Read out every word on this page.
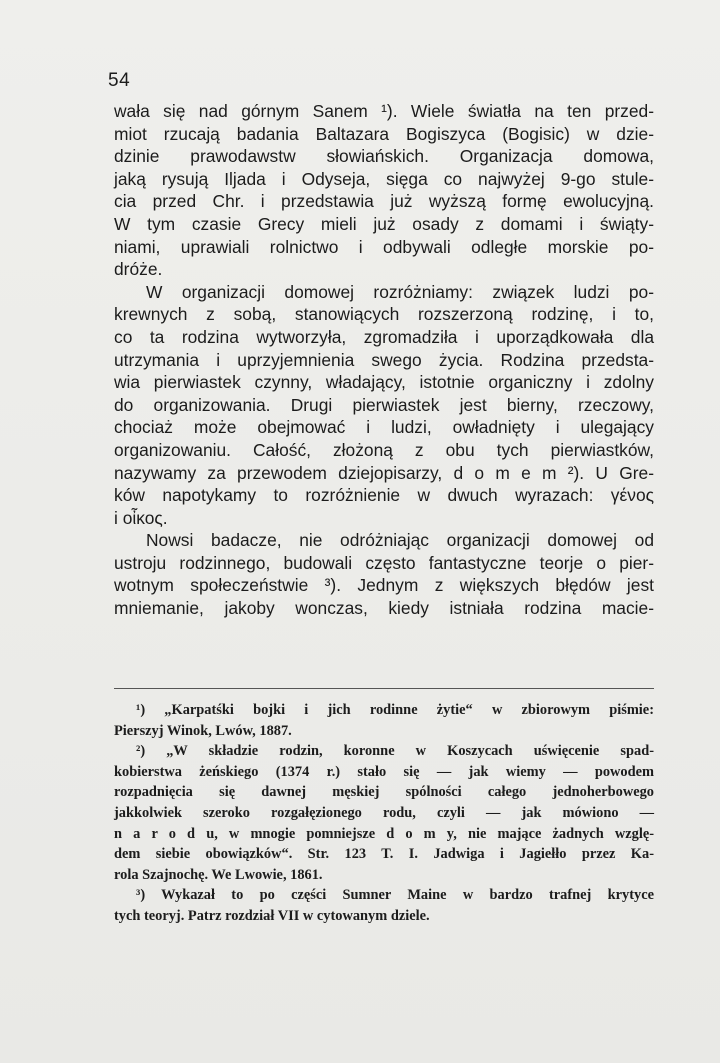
54
wała się nad górnym Sanem ¹). Wiele światła na ten przed-
miot rzucają badania Baltazara Bogiszyca (Bogisic) w dzie-
dzinie prawodawstw słowiańskich. Organizacja domowa,
jaką rysują Iljada i Odyseja, sięga co najwyżej 9-go stule-
cia przed Chr. i przedstawia już wyższą formę ewolucyjną.
W tym czasie Grecy mieli już osady z domami i świąty-
niami, uprawiali rolnictwo i odbywali odległe morskie po-
dróże.
W organizacji domowej rozróżniamy: związek ludzi po-
krewnych z sobą, stanowiących rozszerzoną rodzinę, i to,
co ta rodzina wytworzyła, zgromadziła i uporządkowała dla
utrzymania i uprzyjemnienia swego życia. Rodzina przedsta-
wia pierwiastek czynny, władający, istotnie organiczny i zdolny
do organizowania. Drugi pierwiastek jest bierny, rzeczowy,
chociaż może obejmować i ludzi, owładnięty i ulegający
organizowaniu. Całość, złożoną z obu tych pierwiastków,
nazywamy za przewodem dziejopisarzy, d o m e m ²). U Gre-
ków napotykamy to rozróżnienie w dwuch wyrazach: γένος
i οἶκος.
Nowsi badacze, nie odróżniając organizacji domowej od
ustroju rodzinnego, budowali często fantastyczne teorje o pier-
wotnym społeczeństwie ³). Jednym z większych błędów jest
mniemanie, jakoby wonczas, kiedy istniała rodzina macie-
¹) „Karpatśki bojki i jich rodinne żytie“ w zbiorowym piśmie:
Pierszyj Winok, Lwów, 1887.
²) „W składzie rodzin, koronne w Koszycach uświęcenie spad-
kobierstwa żeńskiego (1374 r.) stało się — jak wiemy — powodem
rozpadnięcia się dawnej męskiej spólności całego jednoherbowego
jakkolwiek szeroko rozgałęzionego rodu, czyli — jak mówiono —
n a r o d u, w mnogie pomniejsze d o m y, nie mające żadnych wzglę-
dem siebie obowiązków“. Str. 123 T. I. Jadwiga i Jagiełło przez Ka-
rola Szajnochę. We Lwowie, 1861.
³) Wykazał to po części Sumner Maine w bardzo trafnej krytyce
tych teoryj. Patrz rozdział VII w cytowanym dziele.
